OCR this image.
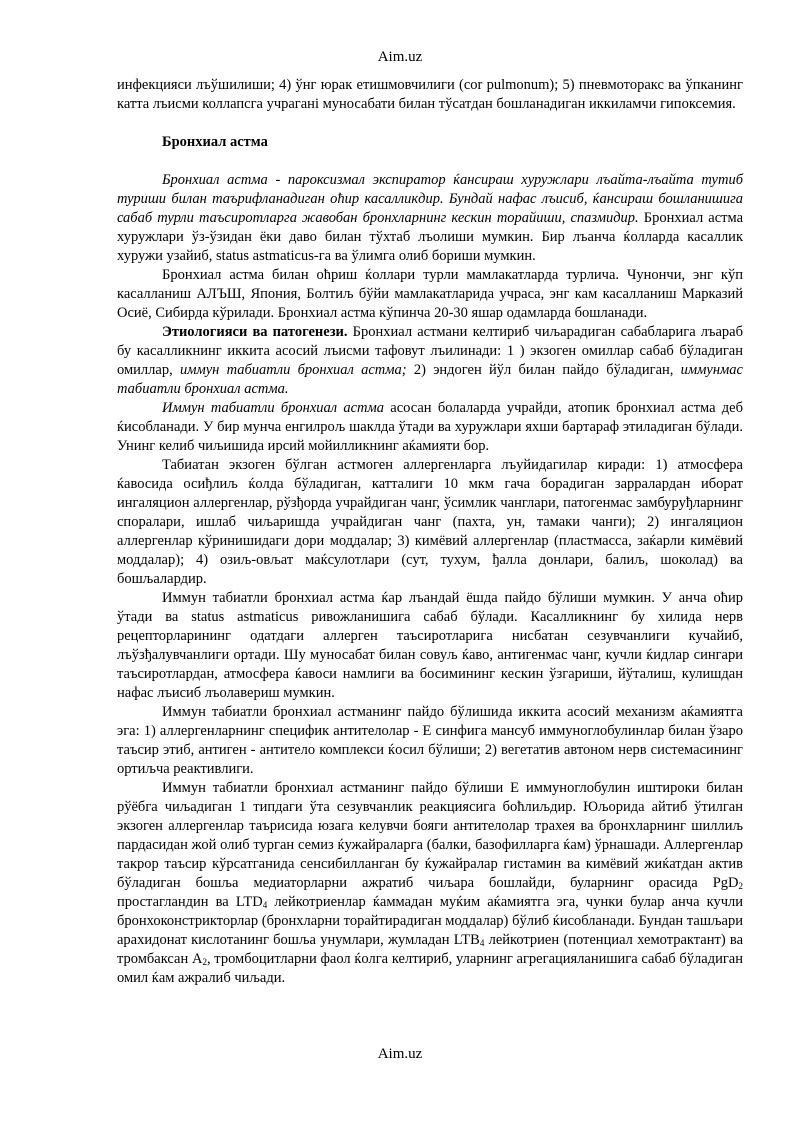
Aim.uz

инфекцияси лъўшилиши; 4) ўнг юрак етишмовчилиги (cor pulmonum); 5) пневмоторакс ва ўпканинг катта лъисми коллапсга учраганi муносабати билан тўсатдан бошланадиган иккиламчи гипоксемия.

Бронхиал астма

Бронхиал астма - пароксизмал экспиратор ќансираш хуружлари лъайта-лъайта тутиб туриши билан таърифланадиган оћир касалликдир. Бундай нафас лъисиб, ќансираш бошланишига сабаб турли таъсиротларга жавобан бронхларнинг кескин торайиши, спазмидир. Бронхиал астма хуружлари ўз-ўзидан ёки даво билан тўхтаб лъолиши мумкин. Бир лъанча ќолларда касаллик хуружи узайиб, status astmaticus-га ва ўлимга олиб бориши мумкин.

Бронхиал астма билан оћриш ќоллари турли мамлакатларда турлича. Чунончи, энг кўп касалланиш АЛЪШ, Япония, Болтиљ бўйи мамлакатларида учраса, энг кам касалланиш Марказий Осиё, Сибирда кўрилади. Бронхиал астма кўпинча 20-30 яшар одамларда бошланади.

Этиологияси ва патогенези. Бронхиал астмани келтириб чиљарадиган сабабларига лъараб бу касалликнинг иккита асосий лъисми тафовут лъилинади: 1 ) экзоген омиллар сабаб бўладиган омиллар, иммун табиатли бронхиал астма; 2) эндоген йўл билан пайдо бўладиган, иммунмас табиатли бронхиал астма.

Иммун табиатли бронхиал астма асосан болаларда учрайди, атопик бронхиал астма деб ќисобланади. У бир мунча енгилрољ шаклда ўтади ва хуружлари яхши бартараф этиладиган бўлади. Унинг келиб чиљишида ирсий мойилликнинг аќамияти бор.

Табиатан экзоген бўлган астмоген аллергенларга лъуйидагилар киради: 1) атмосфера ќавосида осиђлиљ ќолда бўладиган, катталиги 10 мкм гача борадиган зарралардан иборат ингаляцион аллергенлар, рўзђорда учрайдиган чанг, ўсимлик чанглари, патогенмас замбуруђларнинг споралари, ишлаб чиљаришда учрайдиган чанг (пахта, ун, тамаки чанги); 2) ингаляцион аллергенлар кўринишидаги дори моддалар; 3) кимёвий аллергенлар (пластмасса, заќарли кимёвий моддалар); 4) озиљ-овљат маќсулотлари (сут, тухум, ђалла донлари, балиљ, шоколад) ва бошљалардир.

Иммун табиатли бронхиал астма ќар лъандай ёшда пайдо бўлиши мумкин. У анча оћир ўтади ва status astmaticus ривожланишига сабаб бўлади. Касалликнинг бу хилида нерв рецепторларининг одатдаги аллерген таъсиротларига нисбатан сезувчанлиги кучайиб, лъўзђалувчанлиги ортади. Шу муносабат билан совуљ ќаво, антигенмас чанг, кучли ќидлар сингари таъсиротлардан, атмосфера ќавоси намлиги ва босимининг кескин ўзгариши, йўталиш, кулишдан нафас лъисиб лъолавериш мумкин.

Иммун табиатли бронхиал астманинг пайдо бўлишида иккита асосий механизм аќамиятга эга: 1) аллергенларнинг специфик антителолар - Е синфига мансуб иммуноглобулинлар билан ўзаро таъсир этиб, антиген - антитело комплекси ќосил бўлиши; 2) вегетатив автоном нерв системасининг ортиљча реактивлиги.

Иммун табиатли бронхиал астманинг пайдо бўлиши Е иммуноглобулин иштироки билан рўёбга чиљадиган 1 типдаги ўта сезувчанлик реакциясига боћлиљдир. Юљорида айтиб ўтилган экзоген аллергенлар таърисида юзага келувчи бояги антителолар трахея ва бронхларнинг шиллиљ пардасидан жой олиб турган семиз ќужайраларга (балки, базофилларга ќам) ўрнашади. Аллергенлар такрор таъсир кўрсатганида сенсибилланган бу ќужайралар гистамин ва кимёвий жиќатдан актив бўладиган бошљa медиаторларни ажратиб чиљара бошлайди, буларнинг орасида PgD$_2$ простагландин ва $LTD_4$ лейкотриенлар ќаммадан муќим аќамиятга эга, чунки булар анча кучли бронхоконстрикторлар (бронхларни торайтирадиган моддалар) бўлиб ќисобланади. Бундан ташљари арахидонат кислотанинг бошљa унумлари, жумладан $LTB_4$ лейкотриен (потенциал хемотрактант) ва тромбаксан $А_2$, тромбоцитларни фаол ќолга келтириб, уларнинг агрегацияланишига сабаб бўладиган омил ќам ажралиб чиљади.

Aim.uz
